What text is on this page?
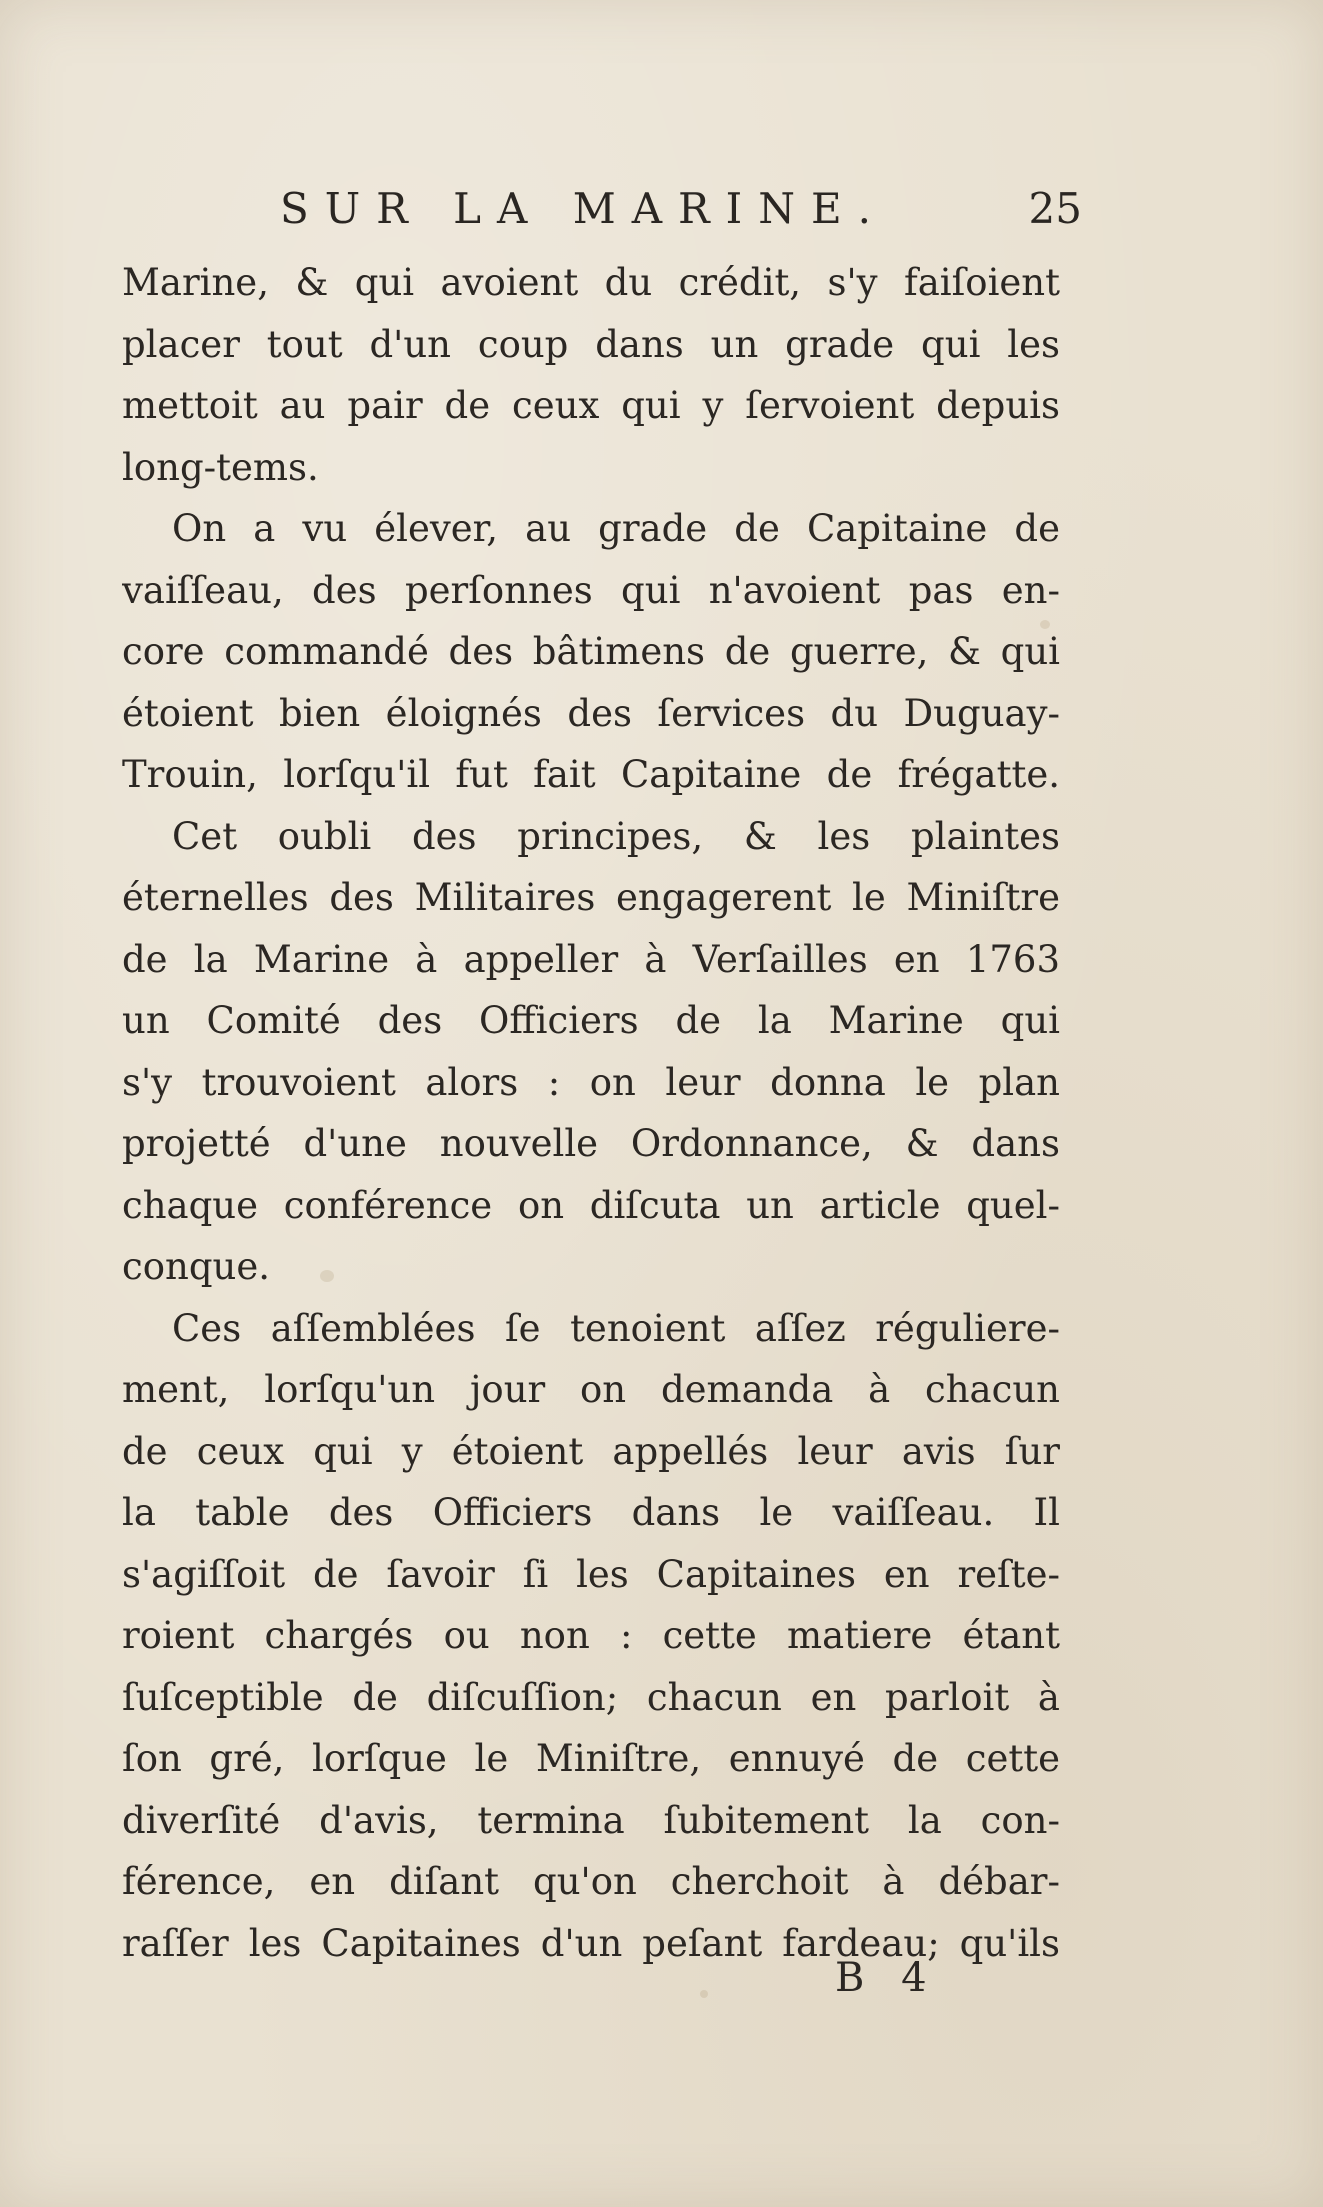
SUR LA MARINE.	25
Marine, & qui avoient du crédit, s'y faiſoient
placer tout d'un coup dans un grade qui les
mettoit au pair de ceux qui y ſervoient depuis
long-tems.
On a vu élever, au grade de Capitaine de
vaiſſeau, des perſonnes qui n'avoient pas en-
core commandé des bâtimens de guerre, & qui
étoient bien éloignés des ſervices du Duguay-
Trouin, lorſqu'il fut fait Capitaine de frégatte.
Cet oubli des principes, & les plaintes
éternelles des Militaires engagerent le Miniſtre
de la Marine à appeller à Verſailles en 1763
un Comité des Officiers de la Marine qui
s'y trouvoient alors : on leur donna le plan
projetté d'une nouvelle Ordonnance, & dans
chaque conférence on diſcuta un article quel-
conque.
Ces aſſemblées ſe tenoient aſſez réguliere-
ment, lorſqu'un jour on demanda à chacun
de ceux qui y étoient appellés leur avis ſur
la table des Officiers dans le vaiſſeau. Il
s'agiſſoit de ſavoir ſi les Capitaines en reſte-
roient chargés ou non : cette matiere étant
ſuſceptible de diſcuſſion; chacun en parloit à
ſon gré, lorſque le Miniſtre, ennuyé de cette
diverſité d'avis, termina ſubitement la con-
férence, en diſant qu'on cherchoit à débar-
raſſer les Capitaines d'un peſant fardeau; qu'ils
B 4
